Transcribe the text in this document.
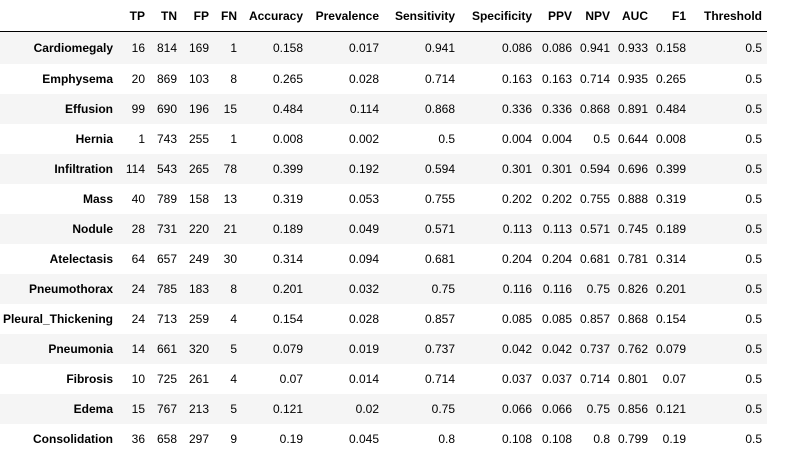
	TP	TN	FP	FN	Accuracy	Prevalence	Sensitivity	Specificity	PPV	NPV	AUC	F1	Threshold
Cardiomegaly	16	814	169	1	0.158	0.017	0.941	0.086	0.086	0.941	0.933	0.158	0.5
Emphysema	20	869	103	8	0.265	0.028	0.714	0.163	0.163	0.714	0.935	0.265	0.5
Effusion	99	690	196	15	0.484	0.114	0.868	0.336	0.336	0.868	0.891	0.484	0.5
Hernia	1	743	255	1	0.008	0.002	0.5	0.004	0.004	0.5	0.644	0.008	0.5
Infiltration	114	543	265	78	0.399	0.192	0.594	0.301	0.301	0.594	0.696	0.399	0.5
Mass	40	789	158	13	0.319	0.053	0.755	0.202	0.202	0.755	0.888	0.319	0.5
Nodule	28	731	220	21	0.189	0.049	0.571	0.113	0.113	0.571	0.745	0.189	0.5
Atelectasis	64	657	249	30	0.314	0.094	0.681	0.204	0.204	0.681	0.781	0.314	0.5
Pneumothorax	24	785	183	8	0.201	0.032	0.75	0.116	0.116	0.75	0.826	0.201	0.5
Pleural_Thickening	24	713	259	4	0.154	0.028	0.857	0.085	0.085	0.857	0.868	0.154	0.5
Pneumonia	14	661	320	5	0.079	0.019	0.737	0.042	0.042	0.737	0.762	0.079	0.5
Fibrosis	10	725	261	4	0.07	0.014	0.714	0.037	0.037	0.714	0.801	0.07	0.5
Edema	15	767	213	5	0.121	0.02	0.75	0.066	0.066	0.75	0.856	0.121	0.5
Consolidation	36	658	297	9	0.19	0.045	0.8	0.108	0.108	0.8	0.799	0.19	0.5
